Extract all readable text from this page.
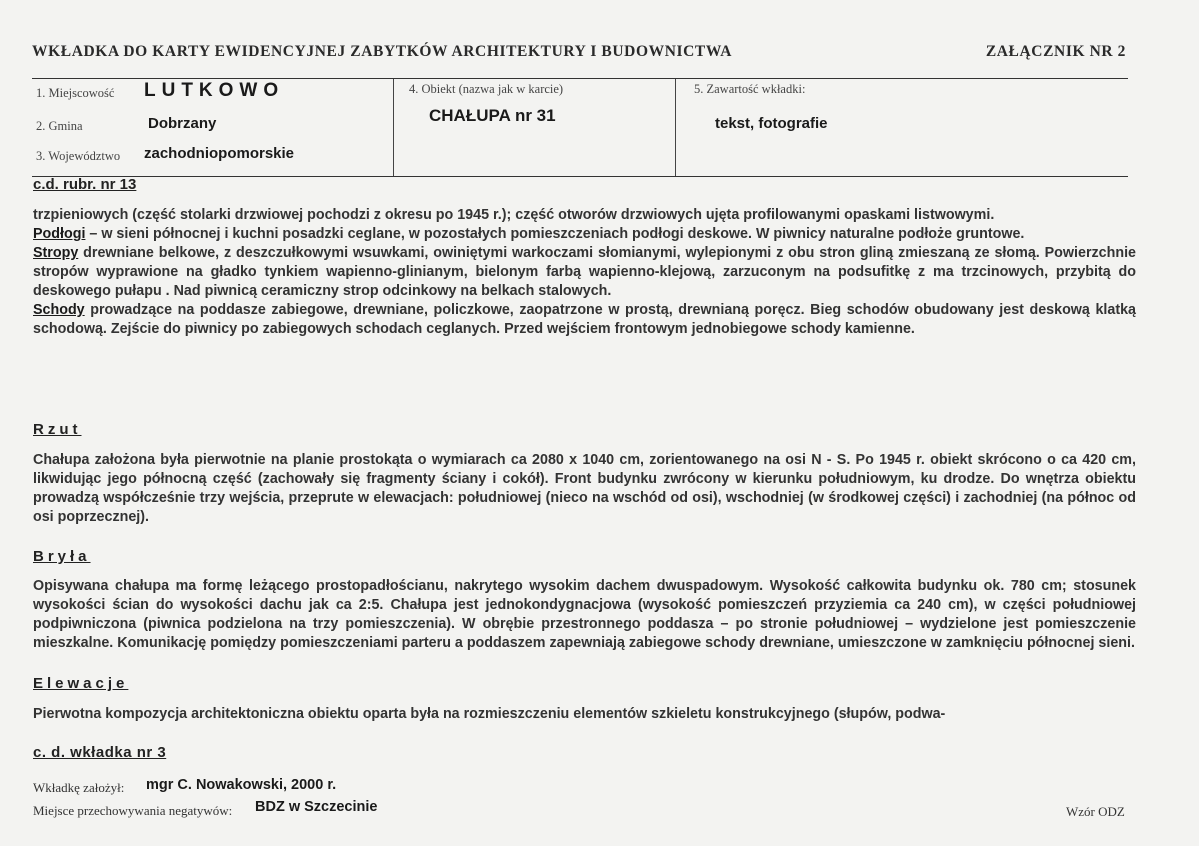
WKŁADKA DO KARTY EWIDENCYJNEJ ZABYTKÓW ARCHITEKTURY I BUDOWNICTWA	ZAŁĄCZNIK NR 2
1. Miejscowość LUTKOWO
2. Gmina	Dobrzany
3. Województwo zachodniopomorskie
4. Obiekt (nazwa jak w karcie)
CHAŁUPA nr 31
5. Zawartość wkładki:
tekst, fotografie
c.d. rubr. nr 13
trzpieniowych (część stolarki drzwiowej pochodzi z okresu po 1945 r.); część otworów drzwiowych ujęta profilowanymi opaskami listwowymi.
Podłogi – w sieni północnej i kuchni posadzki ceglane, w pozostałych pomieszczeniach podłogi deskowe. W piwnicy naturalne podłoże gruntowe.
Stropy drewniane belkowe, z deszczułkowymi wsuwkami, owiniętymi warkoczami słomianymi, wylepionymi z obu stron gliną zmieszaną ze słomą. Powierzchnie stropów wyprawione na gładko tynkiem wapienno-glinianym, bielonym farbą wapienno-klejową, zarzuconym na podsufitkę z ma trzcinowych, przybitą do deskowego pułapu . Nad piwnicą ceramiczny strop odcinkowy na belkach stalowych.
Schody prowadzące na poddasze zabiegowe, drewniane, policzkowe, zaopatrzone w prostą, drewnianą poręcz. Bieg schodów obudowany jest deskową klatką schodową. Zejście do piwnicy po zabiegowych schodach ceglanych. Przed wejściem frontowym jednobiegowe schody kamienne.
Rzut
Chałupa założona była pierwotnie na planie prostokąta o wymiarach ca 2080 x 1040 cm, zorientowanego na osi N - S. Po 1945 r. obiekt skrócono o ca 420 cm, likwidując jego północną część (zachowały się fragmenty ściany i cokół). Front budynku zwrócony w kierunku południowym, ku drodze. Do wnętrza obiektu prowadzą współcześnie trzy wejścia, przeprute w elewacjach: południowej (nieco na wschód od osi), wschodniej (w środkowej części) i zachodniej (na północ od osi poprzecznej).
Bryła
Opisywana chałupa ma formę leżącego prostopadłościanu, nakrytego wysokim dachem dwuspadowym. Wysokość całkowita budynku ok. 780 cm; stosunek wysokości ścian do wysokości dachu jak ca 2:5. Chałupa jest jednokondygnacjowa (wysokość pomieszczeń przyziemia ca 240 cm), w części południowej podpiwniczona (piwnica podzielona na trzy pomieszczenia). W obrębie przestronnego poddasza – po stronie południowej – wydzielone jest pomieszczenie mieszkalne. Komunikację pomiędzy pomieszczeniami parteru a poddaszem zapewniają zabiegowe schody drewniane, umieszczone w zamknięciu północnej sieni.
Elewacje
Pierwotna kompozycja architektoniczna obiektu oparta była na rozmieszczeniu elementów szkieletu konstrukcyjnego (słupów, podwa-
c. d. wkładka nr 3
Wkładkę założył: mgr C. Nowakowski, 2000 r.
Miejsce przechowywania negatywów: BDZ w Szczecinie	Wzór ODZ
